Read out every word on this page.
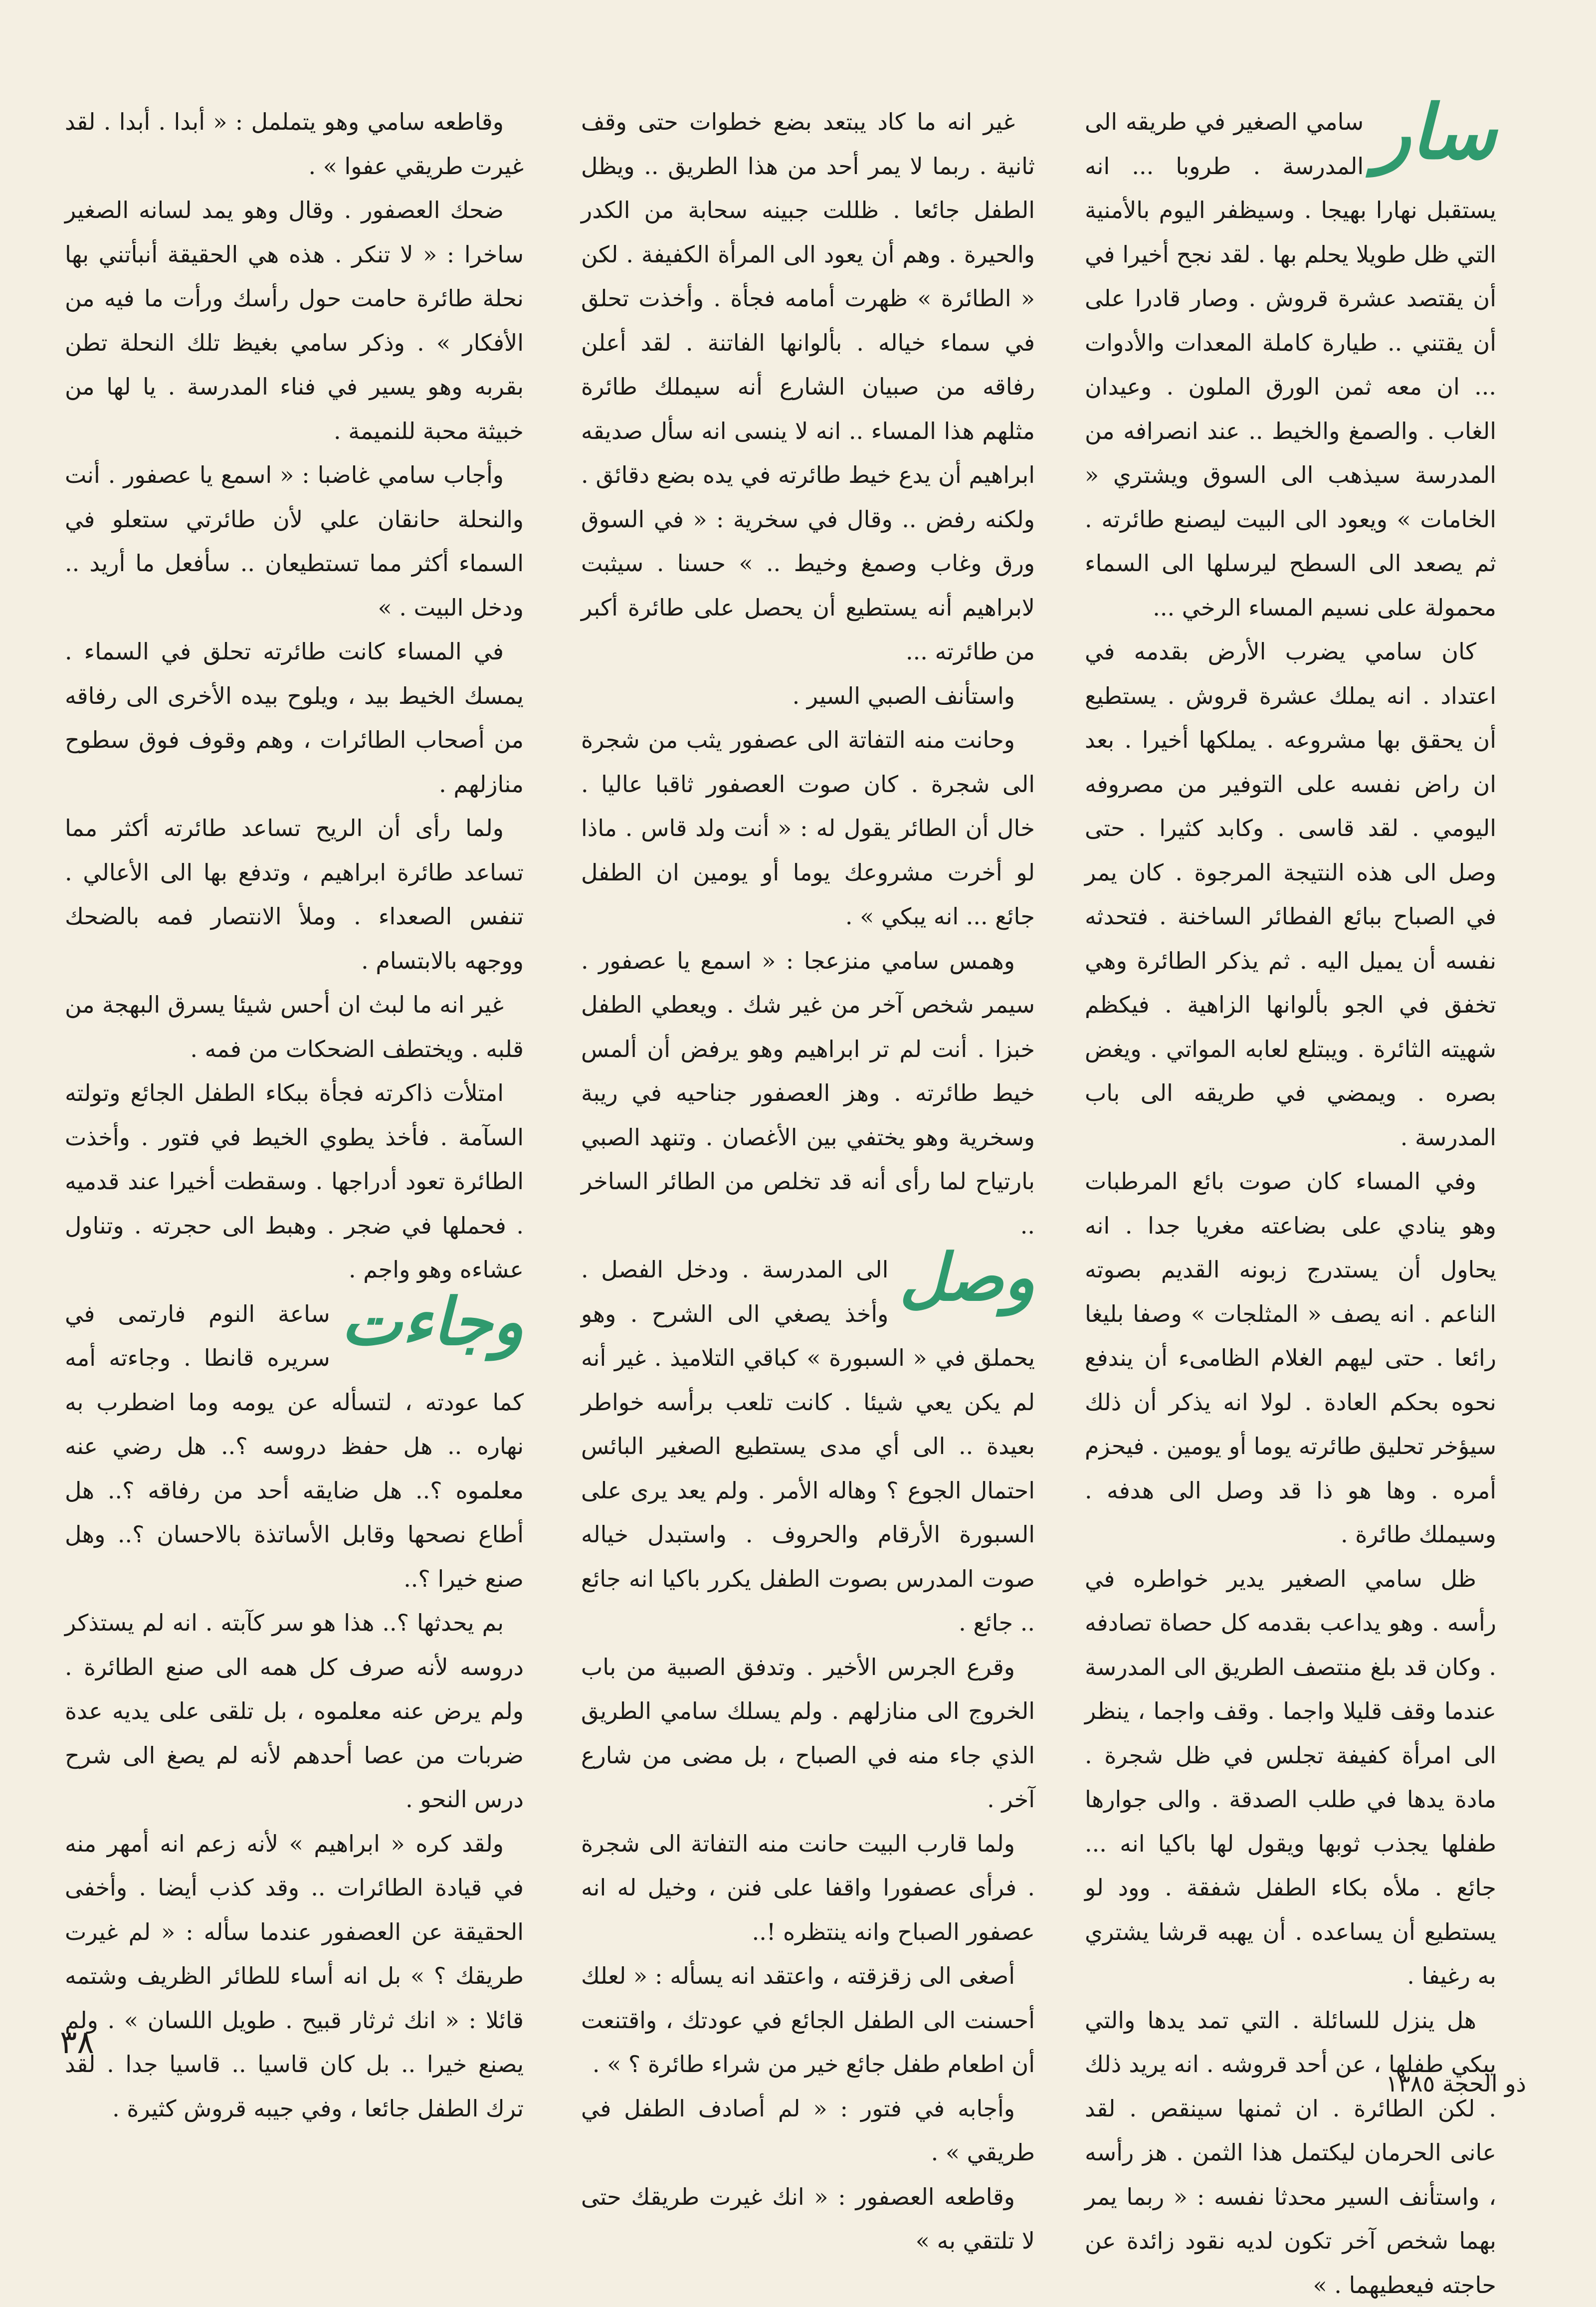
سار
سامي الصغير في طريقه الى المدرسة . طروبا ... انه يستقبل نهارا بهيجا . وسيظفر اليوم بالأمنية التي ظل طويلا يحلم بها . لقد نجح أخيرا في أن يقتصد عشرة قروش . وصار قادرا على أن يقتني .. طيارة كاملة المعدات والأدوات ... ان معه ثمن الورق الملون . وعيدان الغاب . والصمغ والخيط .. عند انصرافه من المدرسة سيذهب الى السوق ويشتري « الخامات » ويعود الى البيت ليصنع طائرته . ثم يصعد الى السطح ليرسلها الى السماء محمولة على نسيم المساء الرخي ...

كان سامي يضرب الأرض بقدمه في اعتداد . انه يملك عشرة قروش . يستطيع أن يحقق بها مشروعه . يملكها أخيرا . بعد ان راض نفسه على التوفير من مصروفه اليومي . لقد قاسى . وكابد كثيرا . حتى وصل الى هذه النتيجة المرجوة . كان يمر في الصباح ببائع الفطائر الساخنة . فتحدثه نفسه أن يميل اليه . ثم يذكر الطائرة وهي تخفق في الجو بألوانها الزاهية . فيكظم شهيته الثائرة . ويبتلع لعابه المواتي . ويغض بصره . ويمضي في طريقه الى باب المدرسة .

وفي المساء كان صوت بائع المرطبات وهو ينادي على بضاعته مغريا جدا . انه يحاول أن يستدرج زبونه القديم بصوته الناعم . انه يصف « المثلجات » وصفا بليغا رائعا . حتى ليهم الغلام الظامىء أن يندفع نحوه بحكم العادة . لولا انه يذكر أن ذلك سيؤخر تحليق طائرته يوما أو يومين . فيحزم أمره . وها هو ذا قد وصل الى هدفه . وسيملك طائرة .

ظل سامي الصغير يدير خواطره في رأسه . وهو يداعب بقدمه كل حصاة تصادفه . وكان قد بلغ منتصف الطريق الى المدرسة عندما وقف قليلا واجما . وقف واجما ، ينظر الى امرأة كفيفة تجلس في ظل شجرة . مادة يدها في طلب الصدقة . والى جوارها طفلها يجذب ثوبها ويقول لها باكيا انه ... جائع . ملأه بكاء الطفل شفقة . وود لو يستطيع أن يساعده . أن يهبه قرشا يشتري به رغيفا .

هل ينزل للسائلة . التي تمد يدها والتي يبكي طفلها ، عن أحد قروشه . انه يريد ذلك . لكن الطائرة . ان ثمنها سينقص . لقد عانى الحرمان ليكتمل هذا الثمن . هز رأسه ، واستأنف السير محدثا نفسه : « ربما يمر بهما شخص آخر تكون لديه نقود زائدة عن حاجته فيعطيهما . »

غير انه ما كاد يبتعد بضع خطوات حتى وقف ثانية . ربما لا يمر أحد من هذا الطريق .. ويظل الطفل جائعا . ظللت جبينه سحابة من الكدر والحيرة . وهم أن يعود الى المرأة الكفيفة . لكن « الطائرة » ظهرت أمامه فجأة . وأخذت تحلق في سماء خياله . بألوانها الفاتنة . لقد أعلن رفاقه من صبيان الشارع أنه سيملك طائرة مثلهم هذا المساء .. انه لا ينسى انه سأل صديقه ابراهيم أن يدع خيط طائرته في يده بضع دقائق . ولكنه رفض .. وقال في سخرية : « في السوق ورق وغاب وصمغ وخيط .. » حسنا . سيثبت لابراهيم أنه يستطيع أن يحصل على طائرة أكبر من طائرته ...

واستأنف الصبي السير .

وحانت منه التفاتة الى عصفور يثب من شجرة الى شجرة . كان صوت العصفور ثاقبا عاليا . خال أن الطائر يقول له : « أنت ولد قاس . ماذا لو أخرت مشروعك يوما أو يومين ان الطفل جائع ... انه يبكي » .

وهمس سامي منزعجا : « اسمع يا عصفور . سيمر شخص آخر من غير شك . ويعطي الطفل خبزا . أنت لم تر ابراهيم وهو يرفض أن ألمس خيط طائرته . وهز العصفور جناحيه في ريبة وسخرية وهو يختفي بين الأغصان . وتنهد الصبي بارتياح لما رأى أنه قد تخلص من الطائر الساخر ..

وصل
الى المدرسة . ودخل الفصل . وأخذ يصغي الى الشرح . وهو يحملق في « السبورة » كباقي التلاميذ . غير أنه لم يكن يعي شيئا . كانت تلعب برأسه خواطر بعيدة .. الى أي مدى يستطيع الصغير البائس احتمال الجوع ؟ وهاله الأمر . ولم يعد يرى على السبورة الأرقام والحروف . واستبدل خياله صوت المدرس بصوت الطفل يكرر باكيا انه جائع .. جائع .

وقرع الجرس الأخير . وتدفق الصبية من باب الخروج الى منازلهم . ولم يسلك سامي الطريق الذي جاء منه في الصباح ، بل مضى من شارع آخر .

ولما قارب البيت حانت منه التفاتة الى شجرة . فرأى عصفورا واقفا على فنن ، وخيل له انه عصفور الصباح وانه ينتظره !..

أصغى الى زقزقته ، واعتقد انه يسأله : « لعلك أحسنت الى الطفل الجائع في عودتك ، واقتنعت أن اطعام طفل جائع خير من شراء طائرة ؟ » .

وأجابه في فتور : « لم أصادف الطفل في طريقي » .

وقاطعه العصفور : « انك غيرت طريقك حتى لا تلتقي به »

وقاطعه سامي وهو يتململ : « أبدا . أبدا . لقد غيرت طريقي عفوا » .

ضحك العصفور . وقال وهو يمد لسانه الصغير ساخرا : « لا تنكر . هذه هي الحقيقة أنبأتني بها نحلة طائرة حامت حول رأسك ورأت ما فيه من الأفكار » . وذكر سامي بغيظ تلك النحلة تطن بقربه وهو يسير في فناء المدرسة . يا لها من خبيثة محبة للنميمة .

وأجاب سامي غاضبا : « اسمع يا عصفور . أنت والنحلة حانقان علي لأن طائرتي ستعلو في السماء أكثر مما تستطيعان .. سأفعل ما أريد .. ودخل البيت . »

في المساء كانت طائرته تحلق في السماء . يمسك الخيط بيد ، ويلوح بيده الأخرى الى رفاقه من أصحاب الطائرات ، وهم وقوف فوق سطوح منازلهم .

ولما رأى أن الريح تساعد طائرته أكثر مما تساعد طائرة ابراهيم ، وتدفع بها الى الأعالي . تنفس الصعداء . وملأ الانتصار فمه بالضحك ووجهه بالابتسام .

غير انه ما لبث ان أحس شيئا يسرق البهجة من قلبه . ويختطف الضحكات من فمه .

امتلأت ذاكرته فجأة ببكاء الطفل الجائع وتولته السآمة . فأخذ يطوي الخيط في فتور . وأخذت الطائرة تعود أدراجها . وسقطت أخيرا عند قدميه . فحملها في ضجر . وهبط الى حجرته . وتناول عشاءه وهو واجم .

وجاءت
ساعة النوم فارتمى في سريره قانطا . وجاءته أمه كما عودته ، لتسأله عن يومه وما اضطرب به نهاره .. هل حفظ دروسه ؟.. هل رضي عنه معلموه ؟.. هل ضايقه أحد من رفاقه ؟.. هل أطاع نصحها وقابل الأساتذة بالاحسان ؟.. وهل صنع خيرا ؟..

بم يحدثها ؟.. هذا هو سر كآبته . انه لم يستذكر دروسه لأنه صرف كل همه الى صنع الطائرة . ولم يرض عنه معلموه ، بل تلقى على يديه عدة ضربات من عصا أحدهم لأنه لم يصغ الى شرح درس النحو .

ولقد كره « ابراهيم » لأنه زعم انه أمهر منه في قيادة الطائرات .. وقد كذب أيضا . وأخفى الحقيقة عن العصفور عندما سأله : « لم غيرت طريقك ؟ » بل انه أساء للطائر الظريف وشتمه قائلا : « انك ثرثار قبيح . طويل اللسان » . ولم يصنع خيرا .. بل كان قاسيا .. قاسيا جدا . لقد ترك الطفل جائعا ، وفي جيبه قروش كثيرة .

٣٨
ذو الحجة ١٣٨٥
